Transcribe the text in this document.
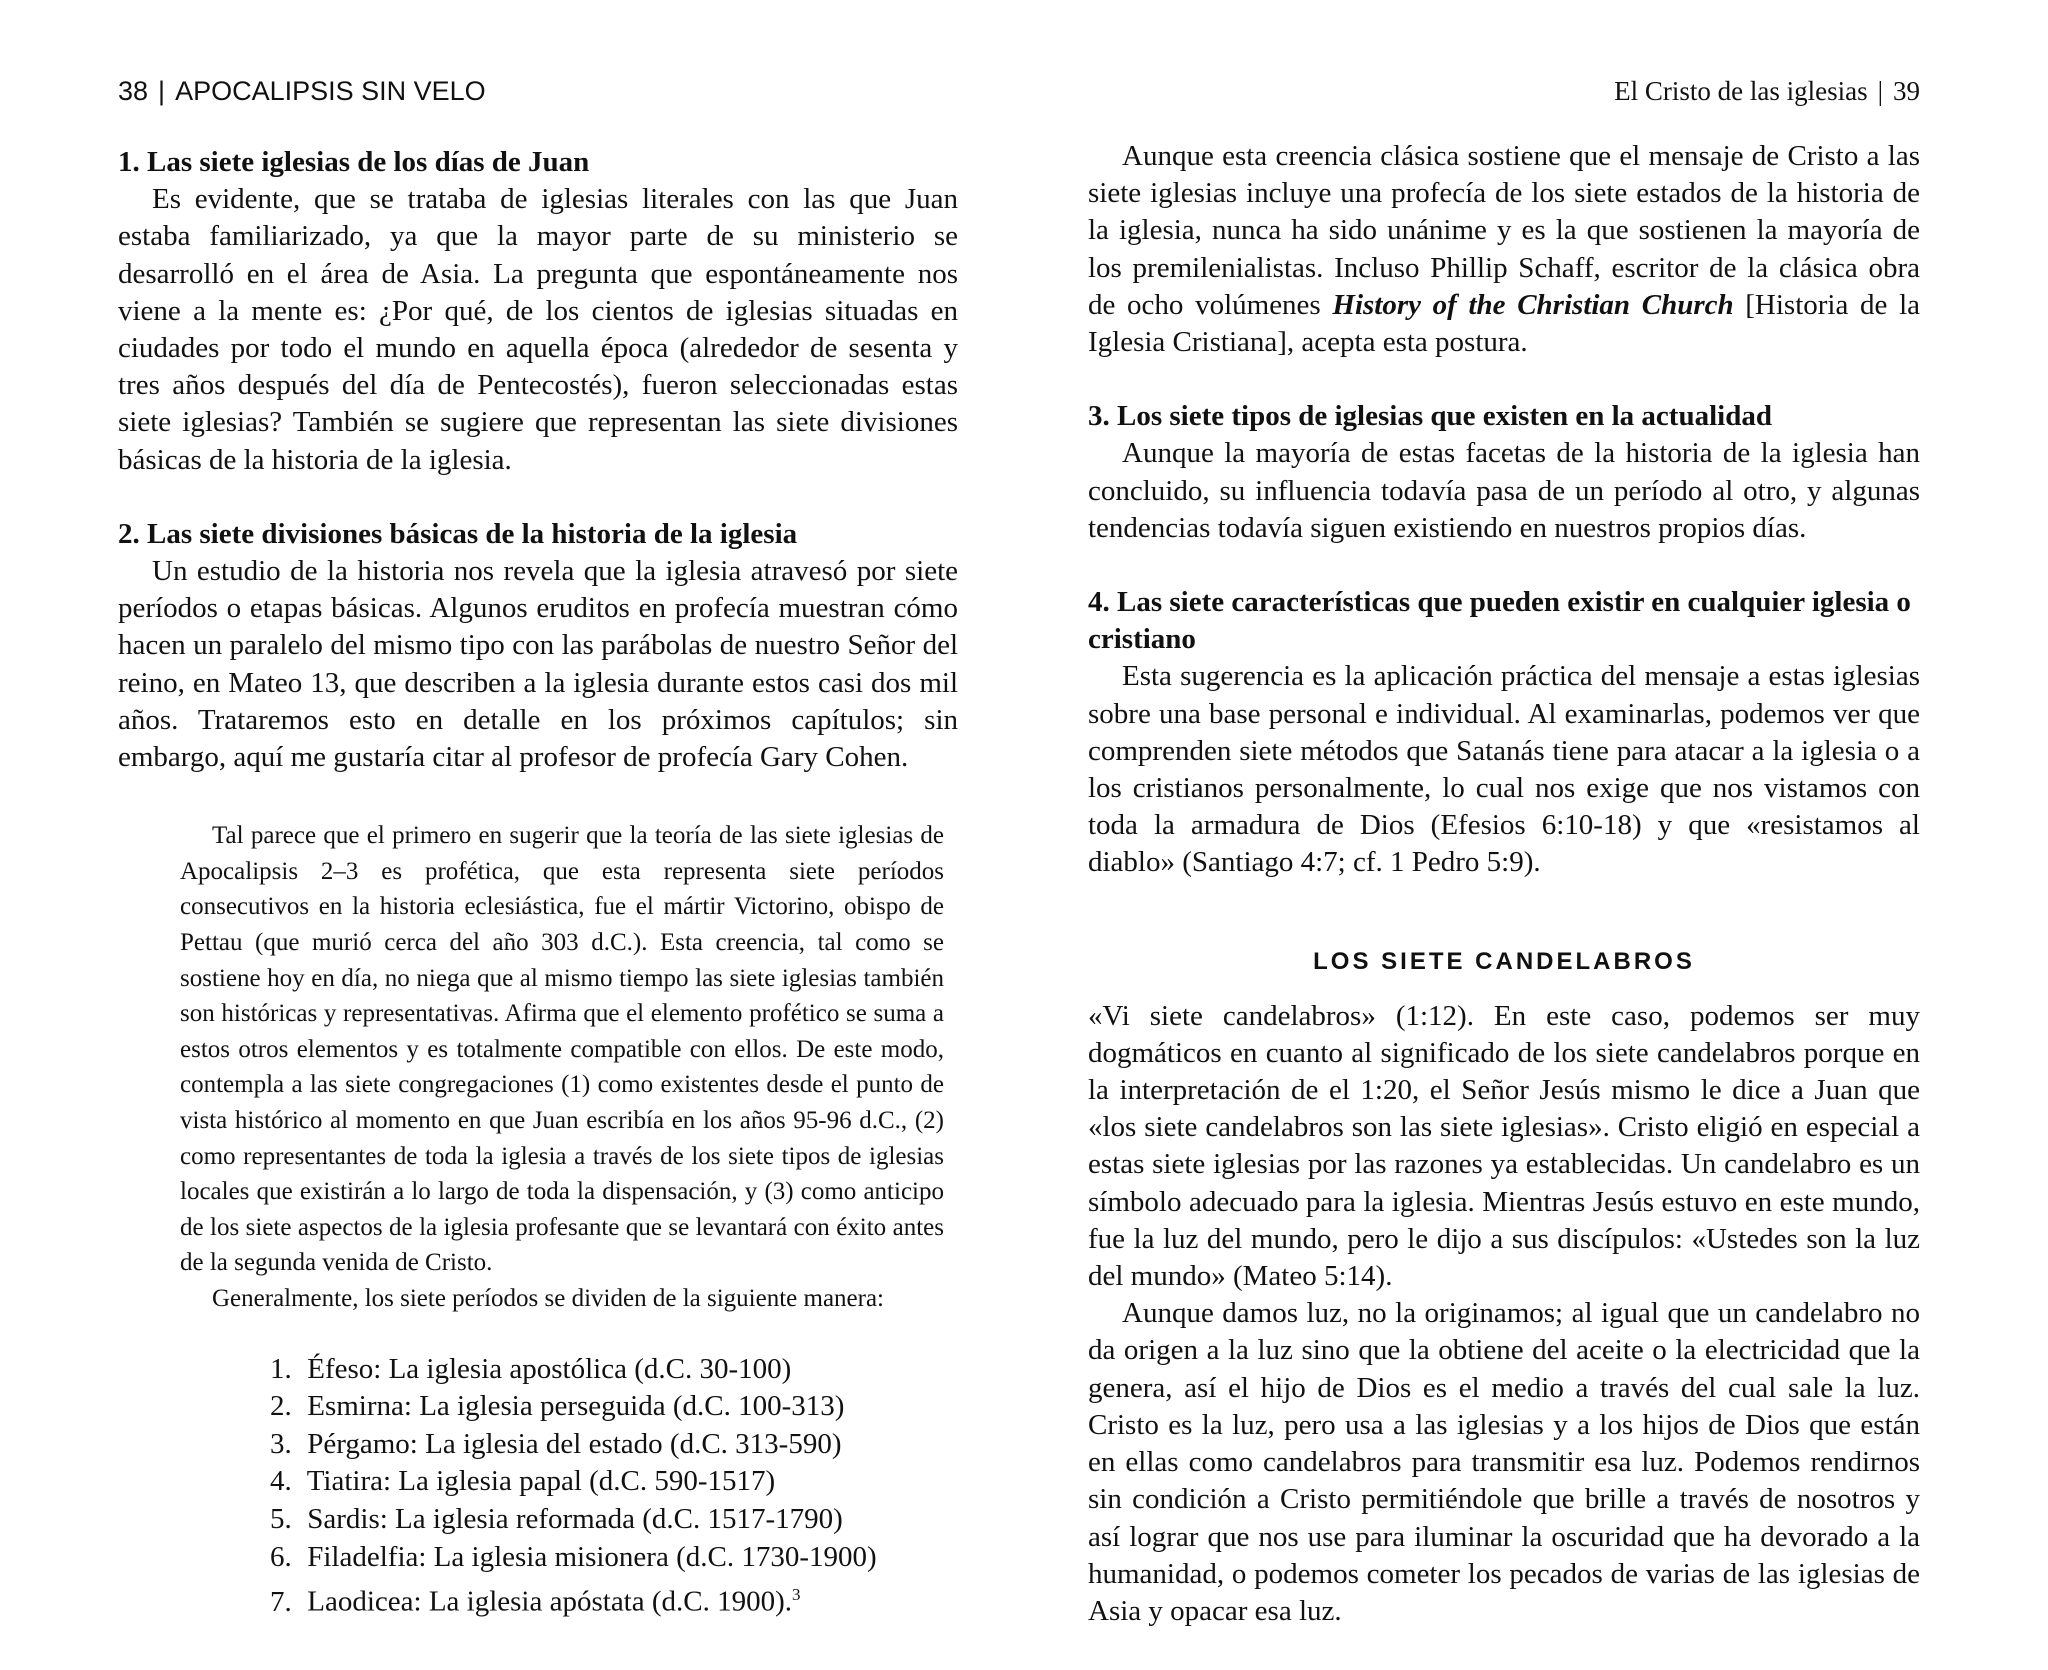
38 | APOCALIPSIS SIN VELO

1. Las siete iglesias de los días de Juan

Es evidente, que se trataba de iglesias literales con las que Juan estaba familiarizado, ya que la mayor parte de su ministerio se desarrolló en el área de Asia. La pregunta que espontáneamente nos viene a la mente es: ¿Por qué, de los cientos de iglesias situadas en ciudades por todo el mundo en aquella época (alrededor de sesenta y tres años después del día de Pentecostés), fueron seleccionadas estas siete iglesias? También se sugiere que representan las siete divisiones básicas de la historia de la iglesia.

2. Las siete divisiones básicas de la historia de la iglesia

Un estudio de la historia nos revela que la iglesia atravesó por siete períodos o etapas básicas. Algunos eruditos en profecía muestran cómo hacen un paralelo del mismo tipo con las parábolas de nuestro Señor del reino, en Mateo 13, que describen a la iglesia durante estos casi dos mil años. Trataremos esto en detalle en los próximos capítulos; sin embargo, aquí me gustaría citar al profesor de profecía Gary Cohen.

Tal parece que el primero en sugerir que la teoría de las siete iglesias de Apocalipsis 2–3 es profética, que esta representa siete períodos consecutivos en la historia eclesiástica, fue el mártir Victorino, obispo de Pettau (que murió cerca del año 303 d.C.). Esta creencia, tal como se sostiene hoy en día, no niega que al mismo tiempo las siete iglesias también son históricas y representativas. Afirma que el elemento profético se suma a estos otros elementos y es totalmente compatible con ellos. De este modo, contempla a las siete congregaciones (1) como existentes desde el punto de vista histórico al momento en que Juan escribía en los años 95-96 d.C., (2) como representantes de toda la iglesia a través de los siete tipos de iglesias locales que existirán a lo largo de toda la dispensación, y (3) como anticipo de los siete aspectos de la iglesia profesante que se levantará con éxito antes de la segunda venida de Cristo.

Generalmente, los siete períodos se dividen de la siguiente manera:

1. Éfeso: La iglesia apostólica (d.C. 30-100)
2. Esmirna: La iglesia perseguida (d.C. 100-313)
3. Pérgamo: La iglesia del estado (d.C. 313-590)
4. Tiatira: La iglesia papal (d.C. 590-1517)
5. Sardis: La iglesia reformada (d.C. 1517-1790)
6. Filadelfia: La iglesia misionera (d.C. 1730-1900)
7. Laodicea: La iglesia apóstata (d.C. 1900).$^3$
El Cristo de las iglesias | 39

Aunque esta creencia clásica sostiene que el mensaje de Cristo a las siete iglesias incluye una profecía de los siete estados de la historia de la iglesia, nunca ha sido unánime y es la que sostienen la mayoría de los premilenialistas. Incluso Phillip Schaff, escritor de la clásica obra de ocho volúmenes History of the Christian Church [Historia de la Iglesia Cristiana], acepta esta postura.

3. Los siete tipos de iglesias que existen en la actualidad

Aunque la mayoría de estas facetas de la historia de la iglesia han concluido, su influencia todavía pasa de un período al otro, y algunas tendencias todavía siguen existiendo en nuestros propios días.

4. Las siete características que pueden existir en cualquier iglesia o cristiano

Esta sugerencia es la aplicación práctica del mensaje a estas iglesias sobre una base personal e individual. Al examinarlas, podemos ver que comprenden siete métodos que Satanás tiene para atacar a la iglesia o a los cristianos personalmente, lo cual nos exige que nos vistamos con toda la armadura de Dios (Efesios 6:10-18) y que «resistamos al diablo» (Santiago 4:7; cf. 1 Pedro 5:9).

LOS SIETE CANDELABROS

«Vi siete candelabros» (1:12). En este caso, podemos ser muy dogmáticos en cuanto al significado de los siete candelabros porque en la interpretación de el 1:20, el Señor Jesús mismo le dice a Juan que «los siete candelabros son las siete iglesias». Cristo eligió en especial a estas siete iglesias por las razones ya establecidas. Un candelabro es un símbolo adecuado para la iglesia. Mientras Jesús estuvo en este mundo, fue la luz del mundo, pero le dijo a sus discípulos: «Ustedes son la luz del mundo» (Mateo 5:14).

Aunque damos luz, no la originamos; al igual que un candelabro no da origen a la luz sino que la obtiene del aceite o la electricidad que la genera, así el hijo de Dios es el medio a través del cual sale la luz. Cristo es la luz, pero usa a las iglesias y a los hijos de Dios que están en ellas como candelabros para transmitir esa luz. Podemos rendirnos sin condición a Cristo permitiéndole que brille a través de nosotros y así lograr que nos use para iluminar la oscuridad que ha devorado a la humanidad, o podemos cometer los pecados de varias de las iglesias de Asia y opacar esa luz.
